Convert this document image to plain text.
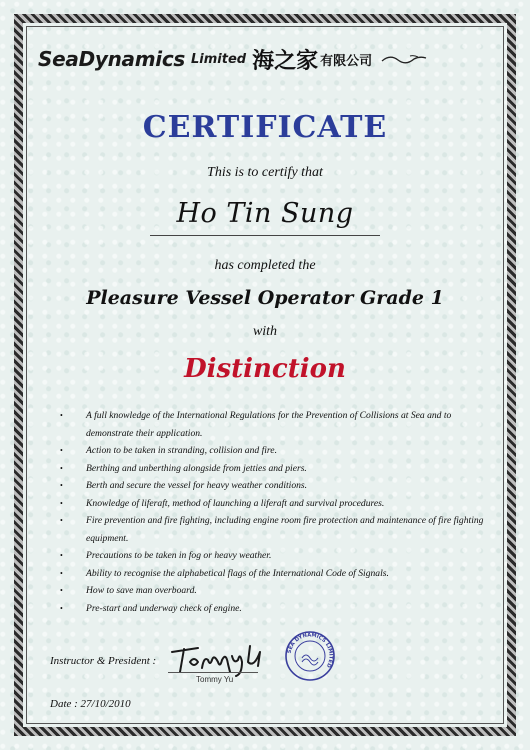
SeaDynamics Limited 海之家 有限公司
CERTIFICATE
This is to certify that
Ho Tin Sung
has completed the
Pleasure Vessel Operator Grade 1
with
Distinction
• A full knowledge of the International Regulations for the Prevention of Collisions at Sea and to demonstrate their application.
• Action to be taken in stranding, collision and fire.
• Berthing and unberthing alongside from jetties and piers.
• Berth and secure the vessel for heavy weather conditions.
• Knowledge of liferaft, method of launching a liferaft and survival procedures.
• Fire prevention and fire fighting, including engine room fire protection and maintenance of fire fighting equipment.
• Precautions to be taken in fog or heavy weather.
• Ability to recognise the alphabetical flags of the International Code of Signals.
• How to save man overboard.
• Pre-start and underway check of engine.
Instructor & President :
Tommy Yu
SEA DYNAMICS LIMITED
Date : 27/10/2010
